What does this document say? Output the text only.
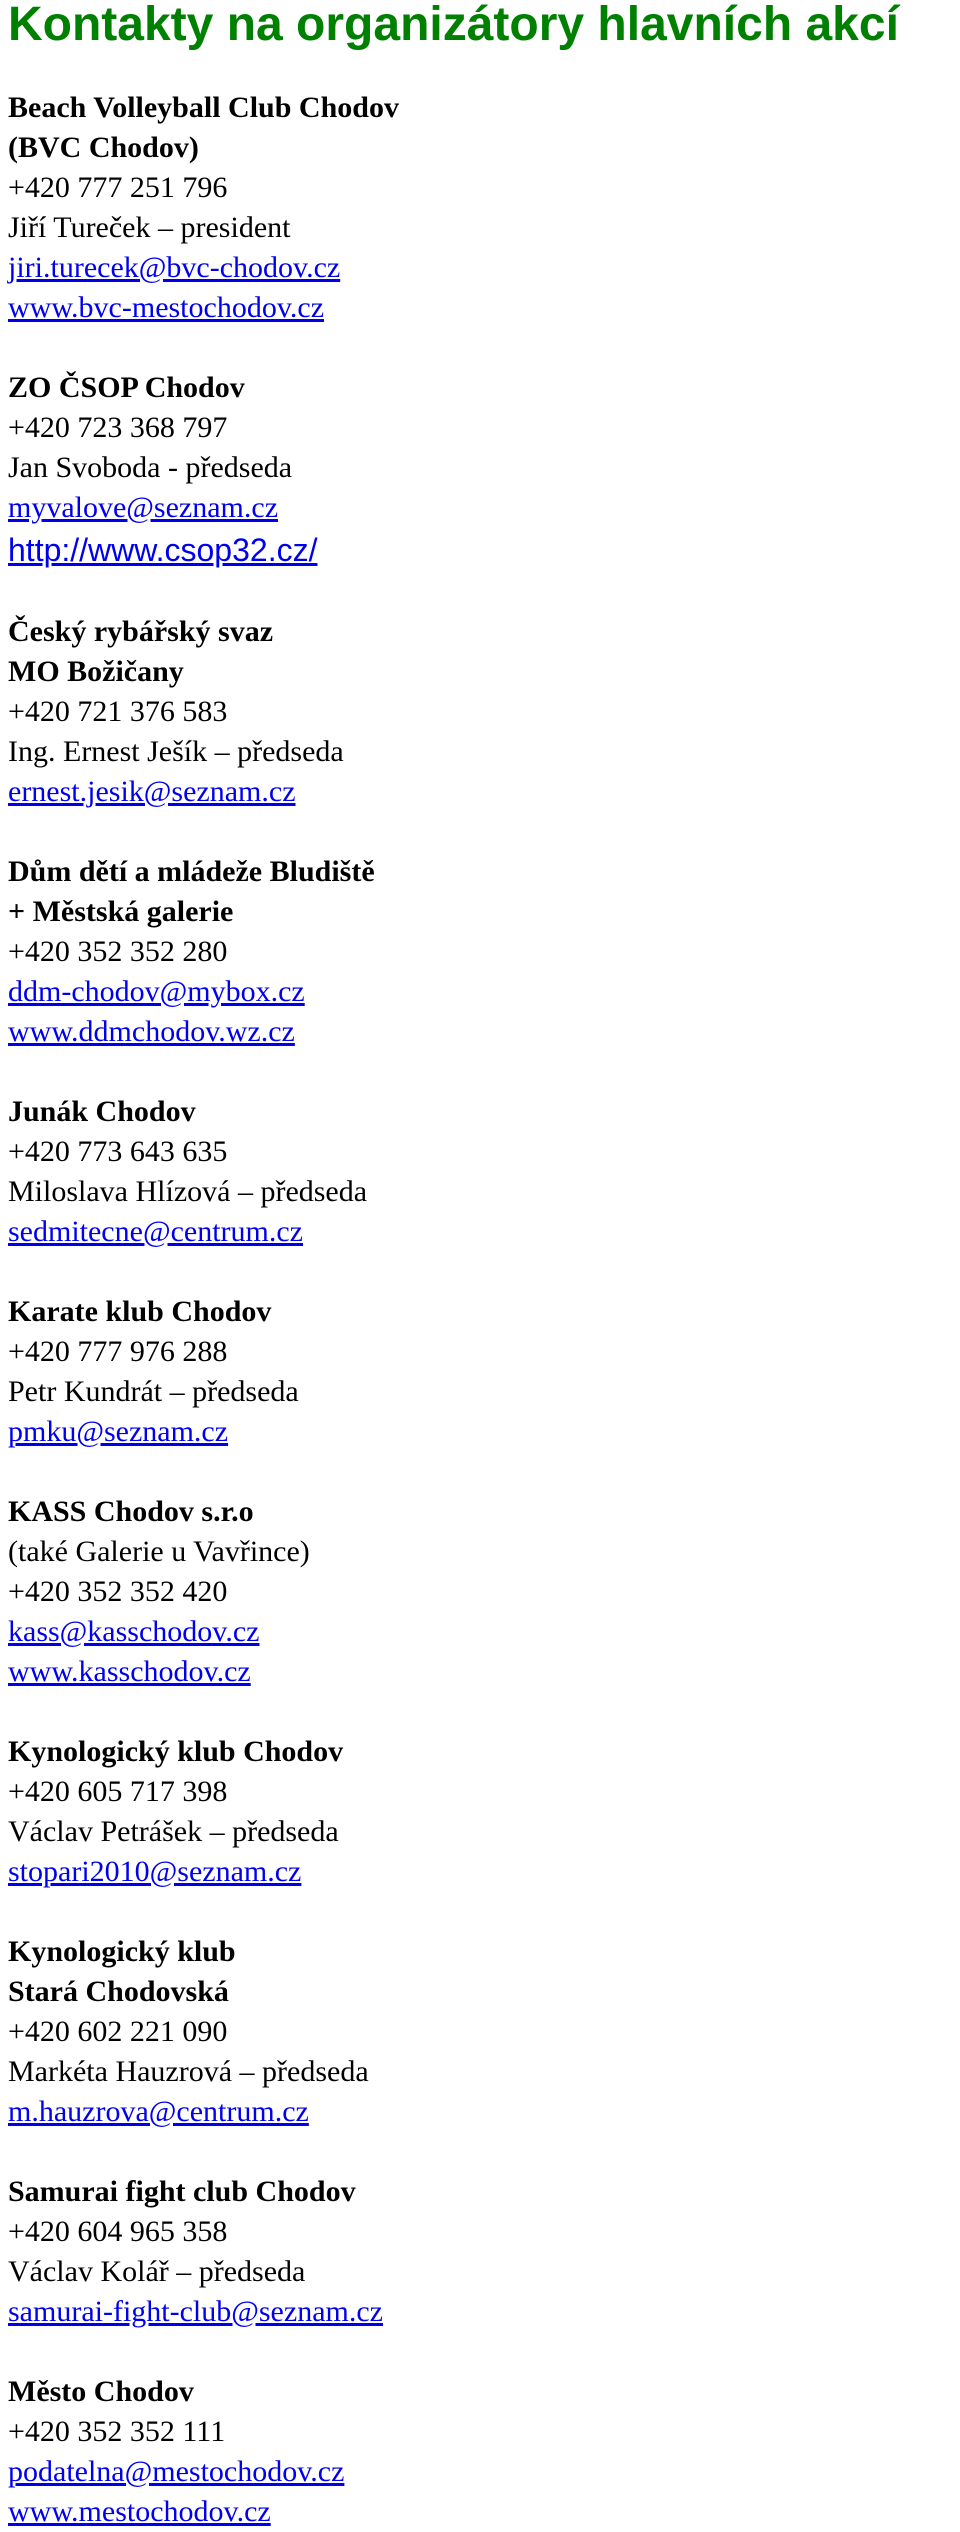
Kontakty na organizátory hlavních akcí
Beach Volleyball Club Chodov
(BVC Chodov)
+420 777 251 796
Jiří Tureček – president
jiri.turecek@bvc-chodov.cz
www.bvc-mestochodov.cz
ZO ČSOP Chodov
+420 723 368 797
Jan Svoboda - předseda
myvalove@seznam.cz
http://www.csop32.cz/
Český rybářský svaz
MO Božičany
+420 721 376 583
Ing. Ernest Ješík – předseda
ernest.jesik@seznam.cz
Dům dětí a mládeže Bludiště
+ Městská galerie
+420 352 352 280
ddm-chodov@mybox.cz
www.ddmchodov.wz.cz
Junák Chodov
+420 773 643 635
Miloslava Hlízová – předseda
sedmitecne@centrum.cz
Karate klub Chodov
+420 777 976 288
Petr Kundrát – předseda
pmku@seznam.cz
KASS Chodov s.r.o
(také Galerie u Vavřince)
+420 352 352 420
kass@kasschodov.cz
www.kasschodov.cz
Kynologický klub Chodov
+420 605 717 398
Václav Petrášek – předseda
stopari2010@seznam.cz
Kynologický klub
Stará Chodovská
+420 602 221 090
Markéta Hauzrová – předseda
m.hauzrova@centrum.cz
Samurai fight club Chodov
+420 604 965 358
Václav Kolář – předseda
samurai-fight-club@seznam.cz
Město Chodov
+420 352 352 111
podatelna@mestochodov.cz
www.mestochodov.cz
